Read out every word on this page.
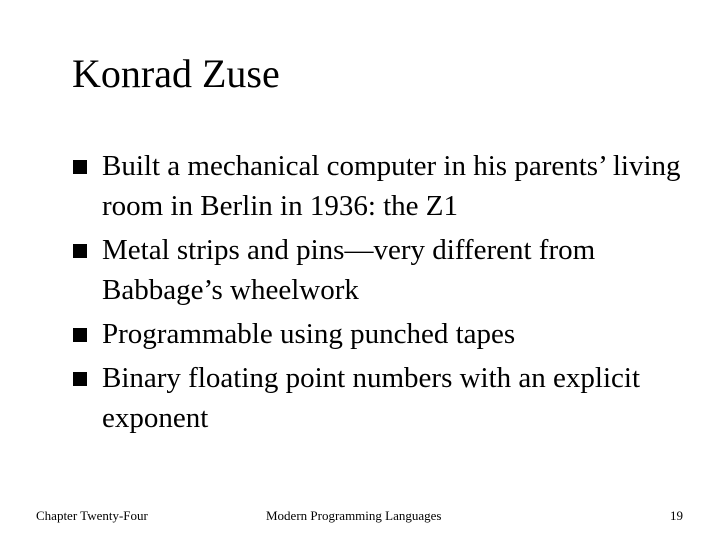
Konrad Zuse
Built a mechanical computer in his parents’ living room in Berlin in 1936: the Z1
Metal strips and pins—very different from Babbage’s wheelwork
Programmable using punched tapes
Binary floating point numbers with an explicit exponent
Chapter Twenty-Four	Modern Programming Languages	19
